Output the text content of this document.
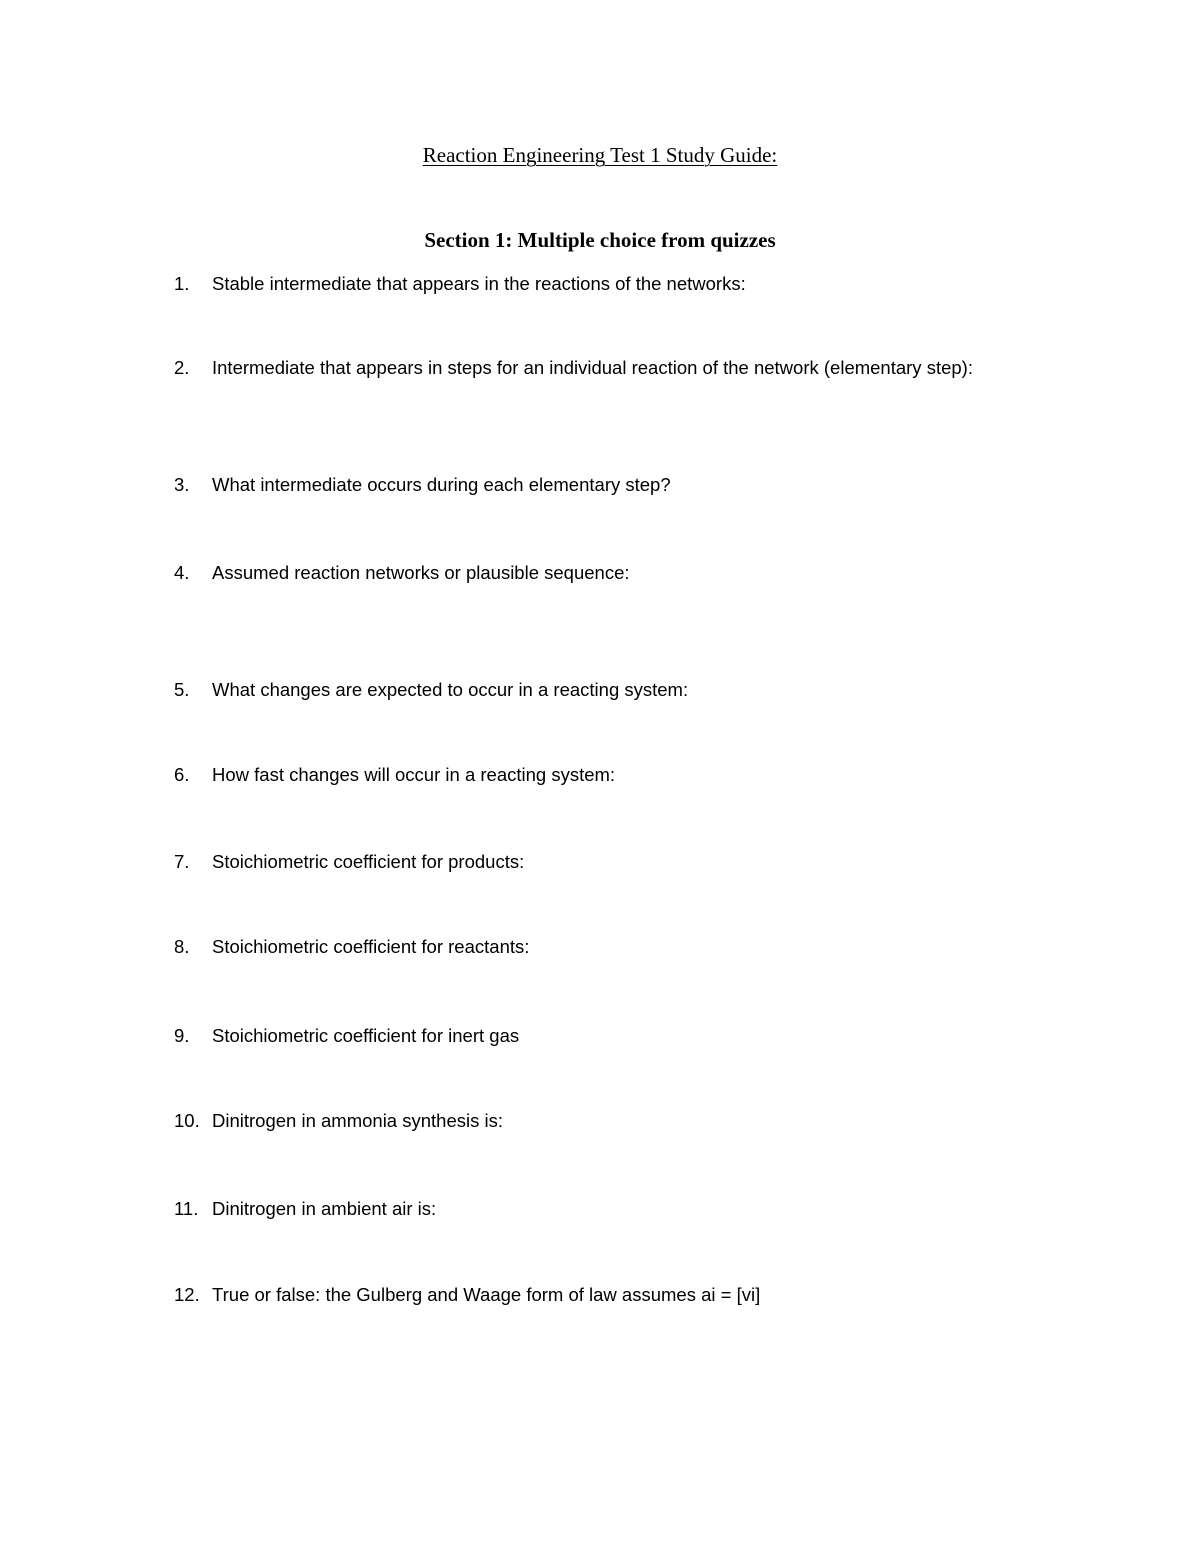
Reaction Engineering Test 1 Study Guide:
Section 1: Multiple choice from quizzes
1. Stable intermediate that appears in the reactions of the networks:
2. Intermediate that appears in steps for an individual reaction of the network (elementary step):
3. What intermediate occurs during each elementary step?
4. Assumed reaction networks or plausible sequence:
5. What changes are expected to occur in a reacting system:
6. How fast changes will occur in a reacting system:
7. Stoichiometric coefficient for products:
8. Stoichiometric coefficient for reactants:
9. Stoichiometric coefficient for inert gas
10. Dinitrogen in ammonia synthesis is:
11. Dinitrogen in ambient air is:
12. True or false: the Gulberg and Waage form of law assumes ai = [vi]
